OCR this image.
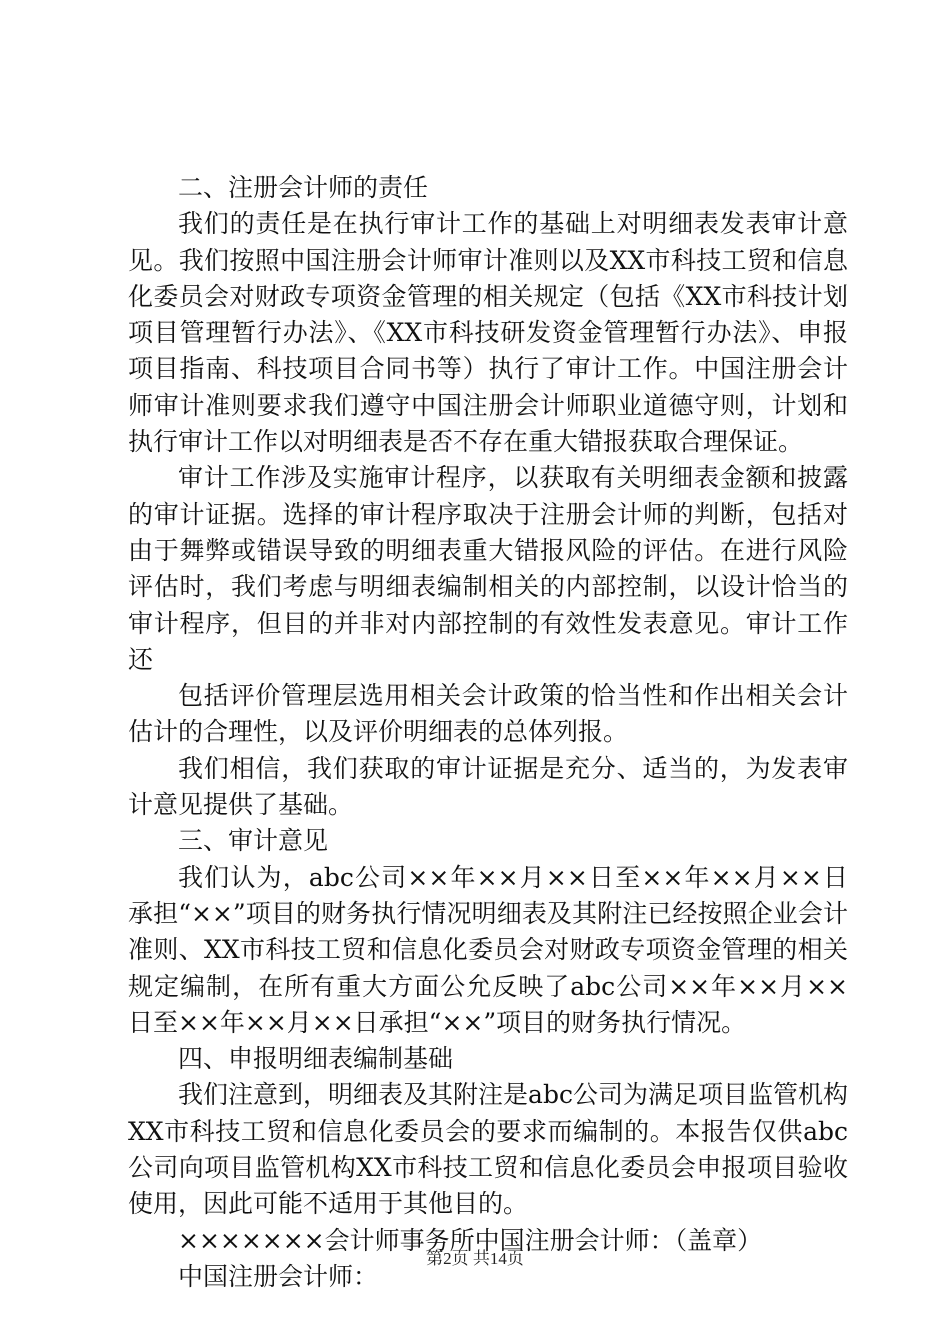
二、注册会计师的责任

我们的责任是在执行审计工作的基础上对明细表发表审计意见。我们按照中国注册会计师审计准则以及XX市科技工贸和信息化委员会对财政专项资金管理的相关规定（包括《XX市科技计划项目管理暂行办法》、《XX市科技研发资金管理暂行办法》、申报项目指南、科技项目合同书等）执行了审计工作。中国注册会计师审计准则要求我们遵守中国注册会计师职业道德守则，计划和执行审计工作以对明细表是否不存在重大错报获取合理保证。

审计工作涉及实施审计程序，以获取有关明细表金额和披露的审计证据。选择的审计程序取决于注册会计师的判断，包括对由于舞弊或错误导致的明细表重大错报风险的评估。在进行风险评估时，我们考虑与明细表编制相关的内部控制，以设计恰当的审计程序，但目的并非对内部控制的有效性发表意见。审计工作还

包括评价管理层选用相关会计政策的恰当性和作出相关会计估计的合理性，以及评价明细表的总体列报。

我们相信，我们获取的审计证据是充分、适当的，为发表审计意见提供了基础。

三、审计意见

我们认为，abc公司××年××月××日至××年××月××日承担“××”项目的财务执行情况明细表及其附注已经按照企业会计准则、XX市科技工贸和信息化委员会对财政专项资金管理的相关规定编制，在所有重大方面公允反映了abc公司××年××月××日至××年××月××日承担“××”项目的财务执行情况。

四、申报明细表编制基础

我们注意到，明细表及其附注是abc公司为满足项目监管机构XX市科技工贸和信息化委员会的要求而编制的。本报告仅供abc公司向项目监管机构XX市科技工贸和信息化委员会申报项目验收使用，因此可能不适用于其他目的。

×××××××会计师事务所中国注册会计师：（盖章）

中国注册会计师：

第2页 共14页
